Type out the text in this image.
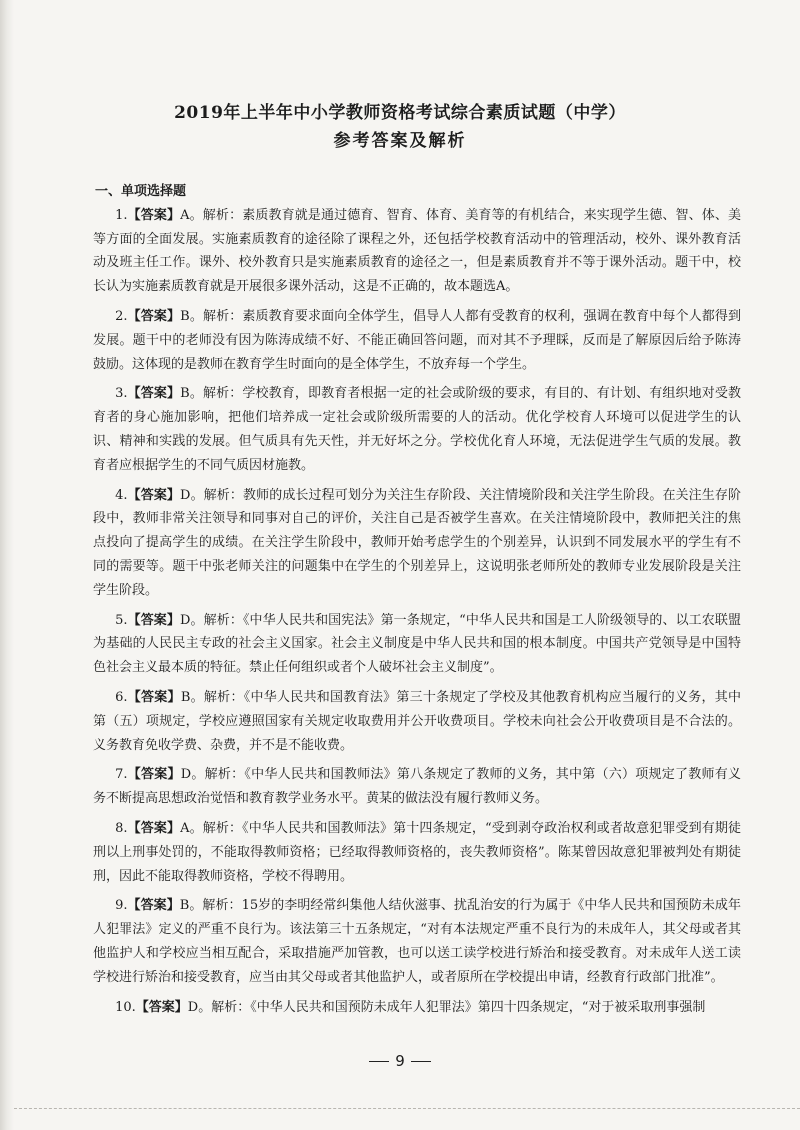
2019年上半年中小学教师资格考试综合素质试题（中学）
参考答案及解析
一、单项选择题
1.【答案】A。解析：素质教育就是通过德育、智育、体育、美育等的有机结合，来实现学生德、智、体、美等方面的全面发展。实施素质教育的途径除了课程之外，还包括学校教育活动中的管理活动，校外、课外教育活动及班主任工作。课外、校外教育只是实施素质教育的途径之一，但是素质教育并不等于课外活动。题干中，校长认为实施素质教育就是开展很多课外活动，这是不正确的，故本题选A。
2.【答案】B。解析：素质教育要求面向全体学生，倡导人人都有受教育的权利，强调在教育中每个人都得到发展。题干中的老师没有因为陈涛成绩不好、不能正确回答问题，而对其不予理睬，反而是了解原因后给予陈涛鼓励。这体现的是教师在教育学生时面向的是全体学生，不放弃每一个学生。
3.【答案】B。解析：学校教育，即教育者根据一定的社会或阶级的要求，有目的、有计划、有组织地对受教育者的身心施加影响，把他们培养成一定社会或阶级所需要的人的活动。优化学校育人环境可以促进学生的认识、精神和实践的发展。但气质具有先天性，并无好坏之分。学校优化育人环境，无法促进学生气质的发展。教育者应根据学生的不同气质因材施教。
4.【答案】D。解析：教师的成长过程可划分为关注生存阶段、关注情境阶段和关注学生阶段。在关注生存阶段中，教师非常关注领导和同事对自己的评价，关注自己是否被学生喜欢。在关注情境阶段中，教师把关注的焦点投向了提高学生的成绩。在关注学生阶段中，教师开始考虑学生的个别差异，认识到不同发展水平的学生有不同的需要等。题干中张老师关注的问题集中在学生的个别差异上，这说明张老师所处的教师专业发展阶段是关注学生阶段。
5.【答案】D。解析：《中华人民共和国宪法》第一条规定，“中华人民共和国是工人阶级领导的、以工农联盟为基础的人民民主专政的社会主义国家。社会主义制度是中华人民共和国的根本制度。中国共产党领导是中国特色社会主义最本质的特征。禁止任何组织或者个人破坏社会主义制度”。
6.【答案】B。解析：《中华人民共和国教育法》第三十条规定了学校及其他教育机构应当履行的义务，其中第（五）项规定，学校应遵照国家有关规定收取费用并公开收费项目。学校未向社会公开收费项目是不合法的。义务教育免收学费、杂费，并不是不能收费。
7.【答案】D。解析：《中华人民共和国教师法》第八条规定了教师的义务，其中第（六）项规定了教师有义务不断提高思想政治觉悟和教育教学业务水平。黄某的做法没有履行教师义务。
8.【答案】A。解析：《中华人民共和国教师法》第十四条规定，“受到剥夺政治权利或者故意犯罪受到有期徒刑以上刑事处罚的，不能取得教师资格；已经取得教师资格的，丧失教师资格”。陈某曾因故意犯罪被判处有期徒刑，因此不能取得教师资格，学校不得聘用。
9.【答案】B。解析：15岁的李明经常纠集他人结伙滋事、扰乱治安的行为属于《中华人民共和国预防未成年人犯罪法》定义的严重不良行为。该法第三十五条规定，“对有本法规定严重不良行为的未成年人，其父母或者其他监护人和学校应当相互配合，采取措施严加管教，也可以送工读学校进行矫治和接受教育。对未成年人送工读学校进行矫治和接受教育，应当由其父母或者其他监护人，或者原所在学校提出申请，经教育行政部门批准”。
10.【答案】D。解析：《中华人民共和国预防未成年人犯罪法》第四十四条规定，“对于被采取刑事强制
9
